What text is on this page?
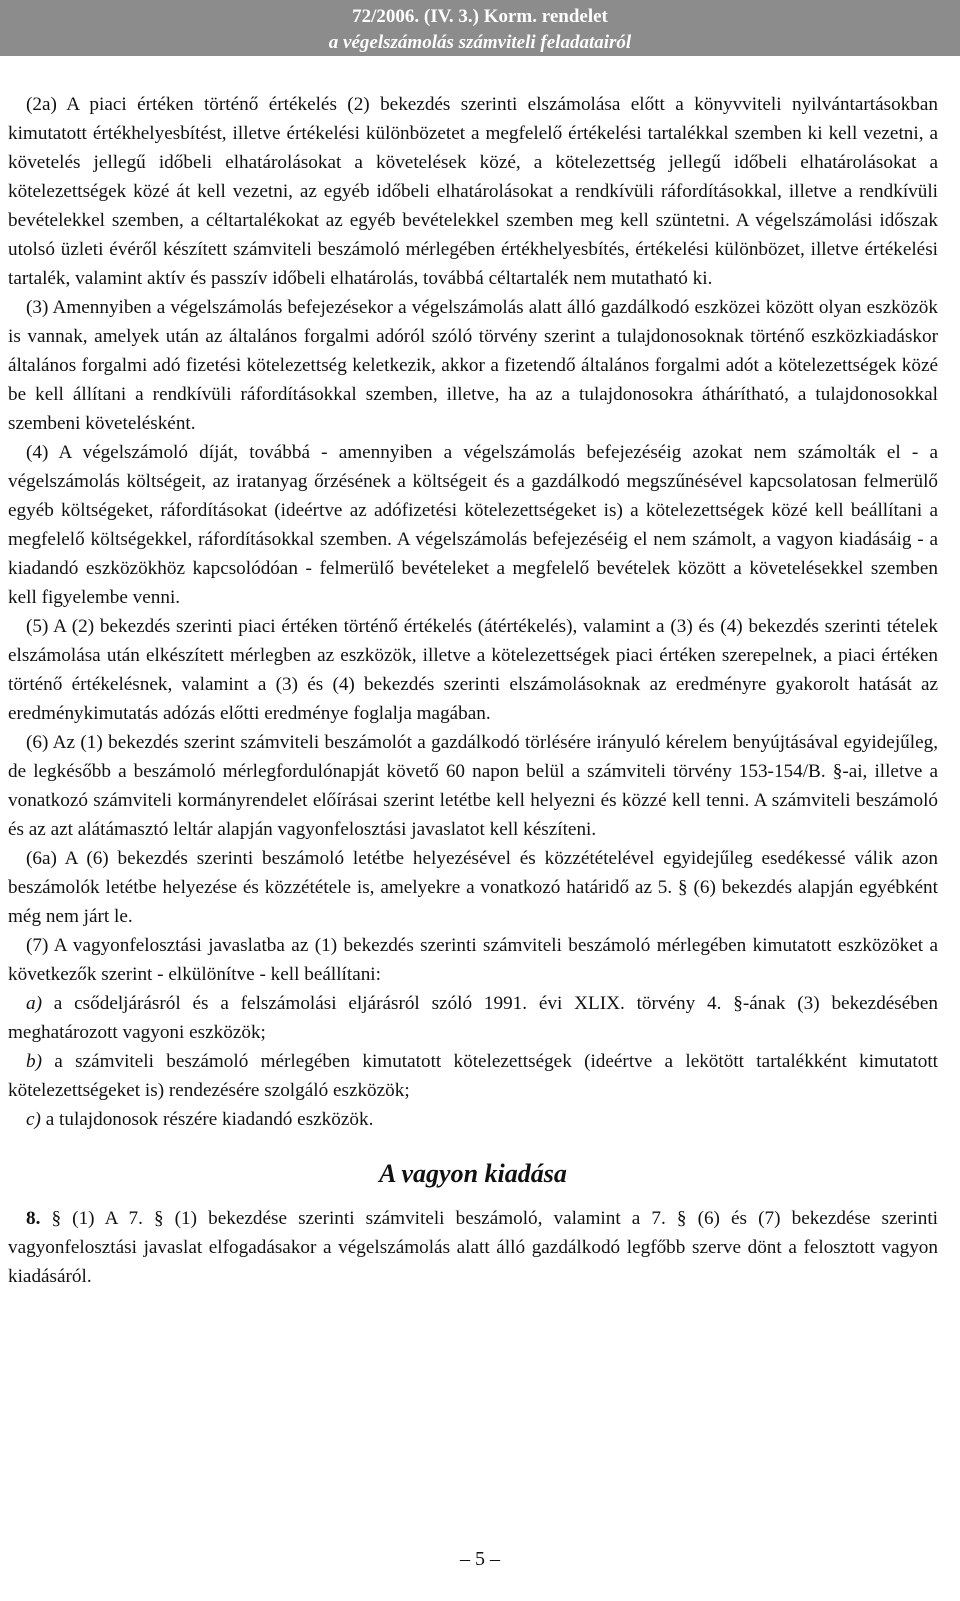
72/2006. (IV. 3.) Korm. rendelet
a végelszámolás számviteli feladatairól

(2a) A piaci értéken történő értékelés (2) bekezdés szerinti elszámolása előtt a könyvviteli nyilvántartásokban kimutatott értékhelyesbítést, illetve értékelési különbözetet a megfelelő értékelési tartalékkal szemben ki kell vezetni, a követelés jellegű időbeli elhatárolásokat a követelések közé, a kötelezettség jellegű időbeli elhatárolásokat a kötelezettségek közé át kell vezetni, az egyéb időbeli elhatárolásokat a rendkívüli ráfordításokkal, illetve a rendkívüli bevételekkel szemben, a céltartalékokat az egyéb bevételekkel szemben meg kell szüntetni. A végelszámolási időszak utolsó üzleti évéről készített számviteli beszámoló mérlegében értékhelyesbítés, értékelési különbözet, illetve értékelési tartalék, valamint aktív és passzív időbeli elhatárolás, továbbá céltartalék nem mutatható ki.

(3) Amennyiben a végelszámolás befejezésekor a végelszámolás alatt álló gazdálkodó eszközei között olyan eszközök is vannak, amelyek után az általános forgalmi adóról szóló törvény szerint a tulajdonosoknak történő eszközkiadáskor általános forgalmi adó fizetési kötelezettség keletkezik, akkor a fizetendő általános forgalmi adót a kötelezettségek közé be kell állítani a rendkívüli ráfordításokkal szemben, illetve, ha az a tulajdonosokra áthárítható, a tulajdonosokkal szembeni követelésként.

(4) A végelszámoló díját, továbbá - amennyiben a végelszámolás befejezéséig azokat nem számolták el - a végelszámolás költségeit, az iratanyag őrzésének a költségeit és a gazdálkodó megszűnésével kapcsolatosan felmerülő egyéb költségeket, ráfordításokat (ideértve az adófizetési kötelezettségeket is) a kötelezettségek közé kell beállítani a megfelelő költségekkel, ráfordításokkal szemben. A végelszámolás befejezéséig el nem számolt, a vagyon kiadásáig - a kiadandó eszközökhöz kapcsolódóan - felmerülő bevételeket a megfelelő bevételek között a követelésekkel szemben kell figyelembe venni.

(5) A (2) bekezdés szerinti piaci értéken történő értékelés (átértékelés), valamint a (3) és (4) bekezdés szerinti tételek elszámolása után elkészített mérlegben az eszközök, illetve a kötelezettségek piaci értéken szerepelnek, a piaci értéken történő értékelésnek, valamint a (3) és (4) bekezdés szerinti elszámolásoknak az eredményre gyakorolt hatását az eredménykimutatás adózás előtti eredménye foglalja magában.

(6) Az (1) bekezdés szerint számviteli beszámolót a gazdálkodó törlésére irányuló kérelem benyújtásával egyidejűleg, de legkésőbb a beszámoló mérlegfordulónapját követő 60 napon belül a számviteli törvény 153-154/B. §-ai, illetve a vonatkozó számviteli kormányrendelet előírásai szerint letétbe kell helyezni és közzé kell tenni. A számviteli beszámoló és az azt alátámasztó leltár alapján vagyonfelosztási javaslatot kell készíteni.

(6a) A (6) bekezdés szerinti beszámoló letétbe helyezésével és közzétételével egyidejűleg esedékessé válik azon beszámolók letétbe helyezése és közzététele is, amelyekre a vonatkozó határidő az 5. § (6) bekezdés alapján egyébként még nem járt le.

(7) A vagyonfelosztási javaslatba az (1) bekezdés szerinti számviteli beszámoló mérlegében kimutatott eszközöket a következők szerint - elkülönítve - kell beállítani:

a) a csődeljárásról és a felszámolási eljárásról szóló 1991. évi XLIX. törvény 4. §-ának (3) bekezdésében meghatározott vagyoni eszközök;

b) a számviteli beszámoló mérlegében kimutatott kötelezettségek (ideértve a lekötött tartalékként kimutatott kötelezettségeket is) rendezésére szolgáló eszközök;

c) a tulajdonosok részére kiadandó eszközök.

A vagyon kiadása

8. § (1) A 7. § (1) bekezdése szerinti számviteli beszámoló, valamint a 7. § (6) és (7) bekezdése szerinti vagyonfelosztási javaslat elfogadásakor a végelszámolás alatt álló gazdálkodó legfőbb szerve dönt a felosztott vagyon kiadásáról.

– 5 –
